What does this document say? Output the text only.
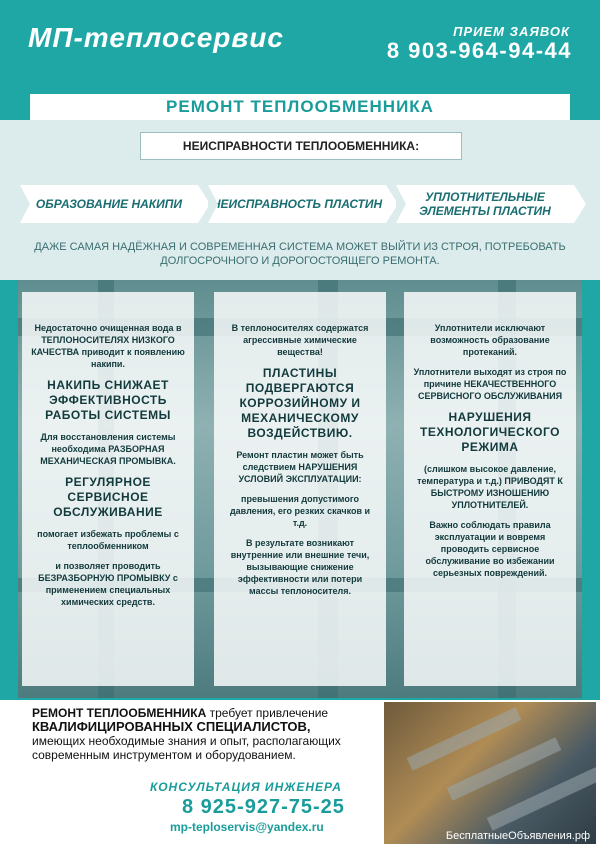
МП-теплосервис	ПРИЕМ ЗАЯВОК
8 903-964-94-44
РЕМОНТ ТЕПЛООБМЕННИКА
НЕИСПРАВНОСТИ ТЕПЛООБМЕННИКА:
ОБРАЗОВАНИЕ НАКИПИ	НЕИСПРАВНОСТЬ ПЛАСТИН	УПЛОТНИТЕЛЬНЫЕ ЭЛЕМЕНТЫ ПЛАСТИН
ДАЖЕ САМАЯ НАДЁЖНАЯ И СОВРЕМЕННАЯ СИСТЕМА МОЖЕТ ВЫЙТИ ИЗ СТРОЯ, ПОТРЕБОВАТЬ ДОЛГОСРОЧНОГО И ДОРОГОСТОЯЩЕГО РЕМОНТА.
Недостаточно очищенная вода в ТЕПЛОНОСИТЕЛЯХ НИЗКОГО КАЧЕСТВА приводит к появлению накипи.
НАКИПЬ СНИЖАЕТ ЭФФЕКТИВНОСТЬ РАБОТЫ СИСТЕМЫ
Для восстановления системы необходима РАЗБОРНАЯ МЕХАНИЧЕСКАЯ ПРОМЫВКА.
РЕГУЛЯРНОЕ СЕРВИСНОЕ ОБСЛУЖИВАНИЕ
помогает избежать проблемы с теплообменником
и позволяет проводить БЕЗРАЗБОРНУЮ ПРОМЫВКУ с применением специальных химических средств.
В теплоносителях содержатся агрессивные химические вещества!
ПЛАСТИНЫ ПОДВЕРГАЮТСЯ КОРРОЗИЙНОМУ И МЕХАНИЧЕСКОМУ ВОЗДЕЙСТВИЮ.
Ремонт пластин может быть следствием НАРУШЕНИЯ УСЛОВИЙ ЭКСПЛУАТАЦИИ:
превышения допустимого давления, его резких скачков и т.д.
В результате возникают внутренние или внешние течи, вызывающие снижение эффективности или потери массы теплоносителя.
Уплотнители исключают возможность образование протеканий.
Уплотнители выходят из строя по причине НЕКАЧЕСТВЕННОГО СЕРВИСНОГО ОБСЛУЖИВАНИЯ
НАРУШЕНИЯ ТЕХНОЛОГИЧЕСКОГО РЕЖИМА
(слишком высокое давление, температура и т.д.) ПРИВОДЯТ К БЫСТРОМУ ИЗНОШЕНИЮ УПЛОТНИТЕЛЕЙ.
Важно соблюдать правила эксплуатации и вовремя проводить сервисное обслуживание во избежании серьезных повреждений.
РЕМОНТ ТЕПЛООБМЕННИКА требует привлечение
КВАЛИФИЦИРОВАННЫХ СПЕЦИАЛИСТОВ,
имеющих необходимые знания и опыт, располагающих современным инструментом и оборудованием.
КОНСУЛЬТАЦИЯ ИНЖЕНЕРА
8 925-927-75-25
mp-teploservis@yandex.ru
БесплатныеОбъявления.рф
